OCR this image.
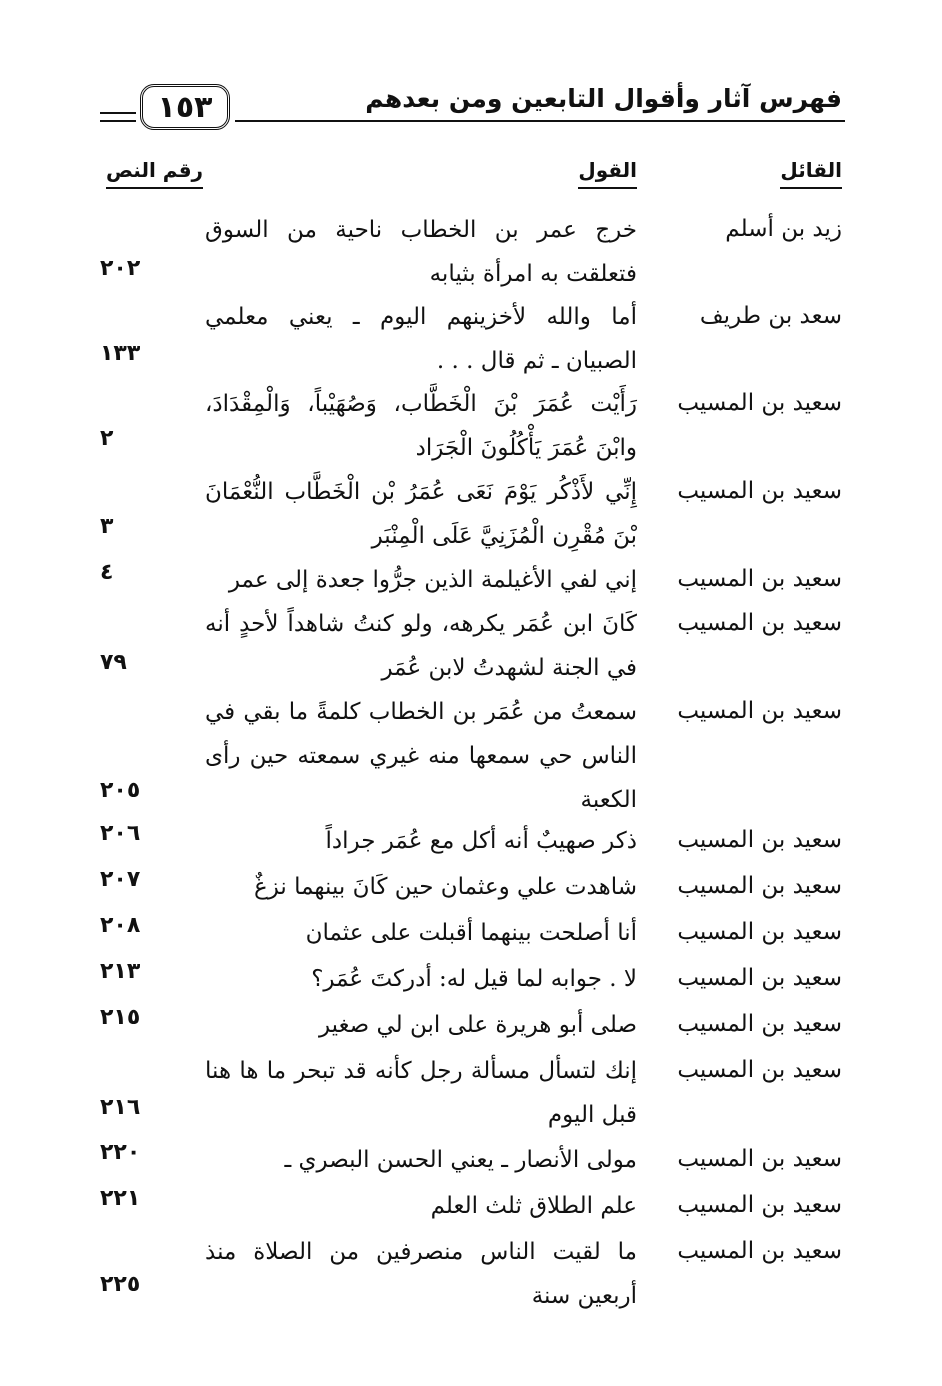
فهرس آثار وأقوال التابعين ومن بعدهم
١٥٣
القائل
القول
رقم النص
زيد بن أسلم
خرج عمر بن الخطاب ناحية من السوق فتعلقت به امرأة بثيابه
٢٠٢
سعد بن طريف
أما والله لأخزينهم اليوم ـ يعني معلمي الصبيان ـ ثم قال . . .
١٣٣
سعيد بن المسيب
رَأَيْت عُمَرَ بْنَ الْخَطَّاب، وَصُهَيْباً، وَالْمِقْدَادَ، وابْنَ عُمَرَ يَأْكُلُونَ الْجَرَاد
٢
سعيد بن المسيب
إِنِّي لأَذْكُر يَوْمَ نَعَى عُمَرُ بْن الْخَطَّاب النُّعْمَانَ بْنَ مُقْرِن الْمُزَنِيَّ عَلَى الْمِنْبَر
٣
سعيد بن المسيب
إني لفي الأغيلمة الذين جرُّوا جعدة إلى عمر
٤
سعيد بن المسيب
كَانَ ابن عُمَر يكرهه، ولو كنتُ شاهداً لأحدٍ أنه في الجنة لشهدتُ لابن عُمَر
٧٩
سعيد بن المسيب
سمعتُ من عُمَر بن الخطاب كلمةً ما بقي في الناس حي سمعها منه غيري سمعته حين رأى الكعبة
٢٠٥
سعيد بن المسيب
ذكر صهيبٌ أنه أكل مع عُمَر جراداً
٢٠٦
سعيد بن المسيب
شاهدت علي وعثمان حين كَانَ بينهما نزغٌ
٢٠٧
سعيد بن المسيب
أنا أصلحت بينهما أقبلت على عثمان
٢٠٨
سعيد بن المسيب
لا . جوابه لما قيل له: أدركتَ عُمَر؟
٢١٣
سعيد بن المسيب
صلى أبو هريرة على ابن لي صغير
٢١٥
سعيد بن المسيب
إنك لتسأل مسألة رجل كأنه قد تبحر ما ها هنا قبل اليوم
٢١٦
سعيد بن المسيب
مولى الأنصار ـ يعني الحسن البصري ـ
٢٢٠
سعيد بن المسيب
علم الطلاق ثلث العلم
٢٢١
سعيد بن المسيب
ما لقيت الناس منصرفين من الصلاة منذ أربعين سنة
٢٢٥
